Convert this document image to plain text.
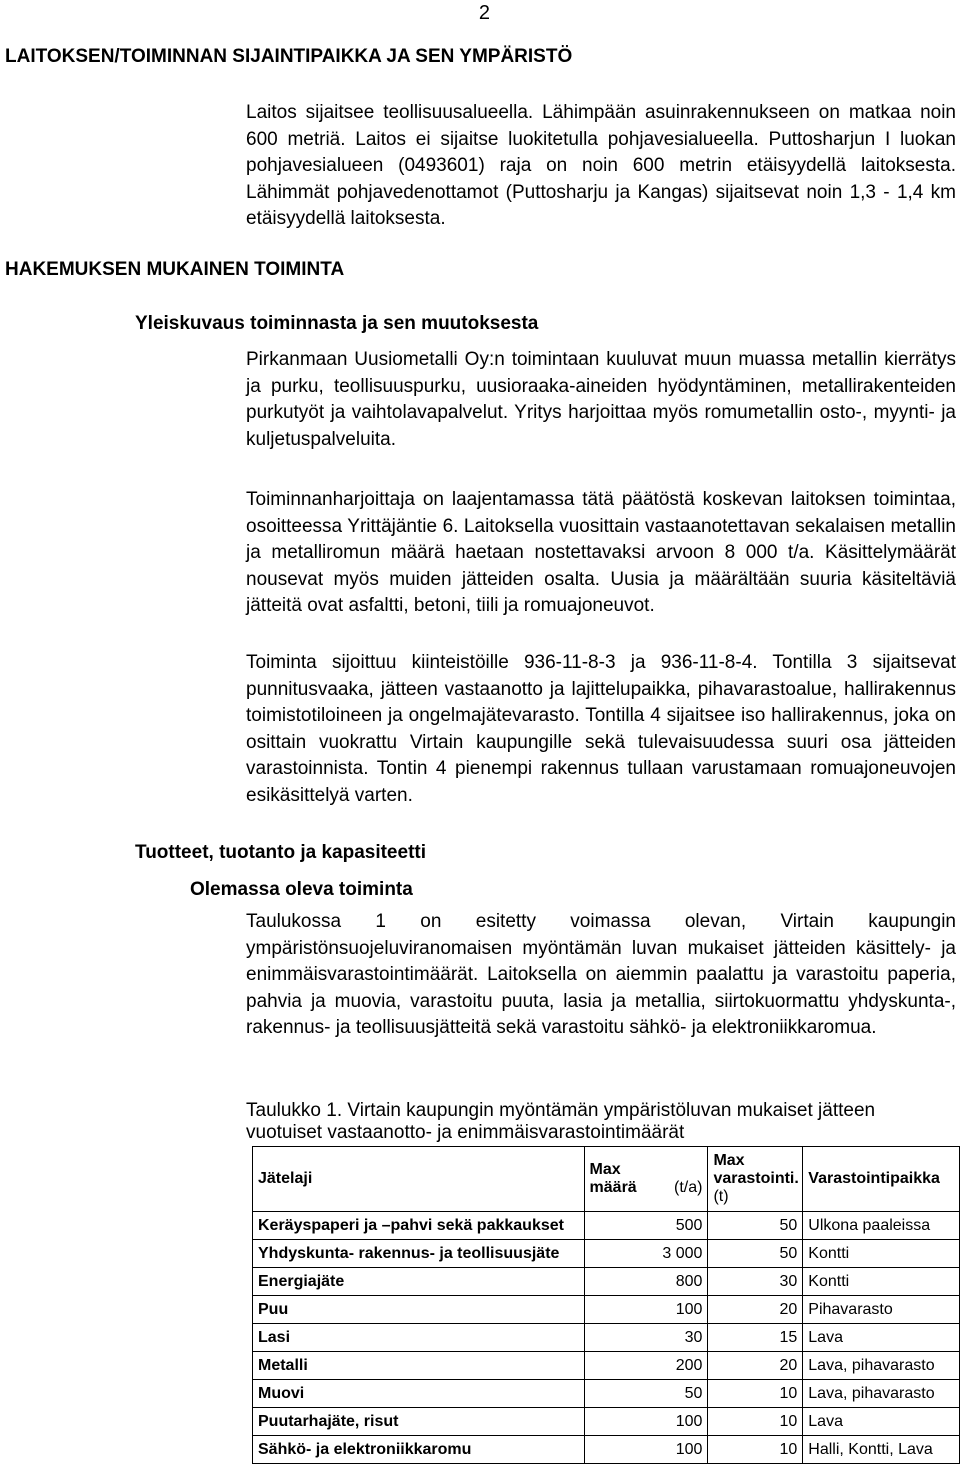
2
LAITOKSEN/TOIMINNAN SIJAINTIPAIKKA JA SEN YMPÄRISTÖ

Laitos sijaitsee teollisuusalueella. Lähimpään asuinrakennukseen on matkaa noin 600 metriä. Laitos ei sijaitse luokitetulla pohjavesialueella. Puttosharjun I luokan pohjavesialueen (0493601) raja on noin 600 metrin etäisyydellä laitoksesta. Lähimmät pohjavedenottamot (Puttosharju ja Kangas) sijaitsevat noin 1,3 - 1,4 km etäisyydellä laitoksesta.

HAKEMUKSEN MUKAINEN TOIMINTA
Yleiskuvaus toiminnasta ja sen muutoksesta

Pirkanmaan Uusiometalli Oy:n toimintaan kuuluvat muun muassa metallin kierrätys ja purku, teollisuuspurku, uusioraaka-aineiden hyödyntäminen, metallirakenteiden purkutyöt ja vaihtolavapalvelut. Yritys harjoittaa myös romumetallin osto-, myynti- ja kuljetuspalveluita.

Toiminnanharjoittaja on laajentamassa tätä päätöstä koskevan laitoksen toimintaa, osoitteessa Yrittäjäntie 6. Laitoksella vuosittain vastaanotettavan sekalaisen metallin ja metalliromun määrä haetaan nostettavaksi arvoon 8 000 t/a. Käsittelymäärät nousevat myös muiden jätteiden osalta. Uusia ja määrältään suuria käsiteltäviä jätteitä ovat asfaltti, betoni, tiili ja romuajoneuvot.

Toiminta sijoittuu kiinteistöille 936-11-8-3 ja 936-11-8-4. Tontilla 3 sijaitsevat punnitusvaaka, jätteen vastaanotto ja lajittelupaikka, pihavarastoalue, hallirakennus toimistotiloineen ja ongelmajätevarasto. Tontilla 4 sijaitsee iso hallirakennus, joka on osittain vuokrattu Virtain kaupungille sekä tulevaisuudessa suuri osa jätteiden varastoinnista. Tontin 4 pienempi rakennus tullaan varustamaan romuajoneuvojen esikäsittelyä varten.

Tuotteet, tuotanto ja kapasiteetti
Olemassa oleva toiminta

Taulukossa 1 on esitetty voimassa olevan, Virtain kaupungin ympäristönsuojeluviranomaisen myöntämän luvan mukaiset jätteiden käsittely- ja enimmäisvarastointimäärät. Laitoksella on aiemmin paalattu ja varastoitu paperia, pahvia ja muovia, varastoitu puuta, lasia ja metallia, siirtokuormattu yhdyskunta-, rakennus- ja teollisuusjätteitä sekä varastoitu sähkö- ja elektroniikkaromua.

Taulukko 1. Virtain kaupungin myöntämän ympäristöluvan mukaiset jätteen vuotuiset vastaanotto- ja enimmäisvarastointimäärät

Jätelaji	Max määrä (t/a)	Max varastointi.
(t)	Varastointipaikka
Keräyspaperi ja –pahvi sekä pakkaukset	500	50	Ulkona paaleissa
Yhdyskunta- rakennus- ja teollisuusjäte	3 000	50	Kontti
Energiajäte	800	30	Kontti
Puu	100	20	Pihavarasto
Lasi	30	15	Lava
Metalli	200	20	Lava, pihavarasto
Muovi	50	10	Lava, pihavarasto
Puutarhajäte, risut	100	10	Lava
Sähkö- ja elektroniikkaromu	100	10	Halli, Kontti, Lava
